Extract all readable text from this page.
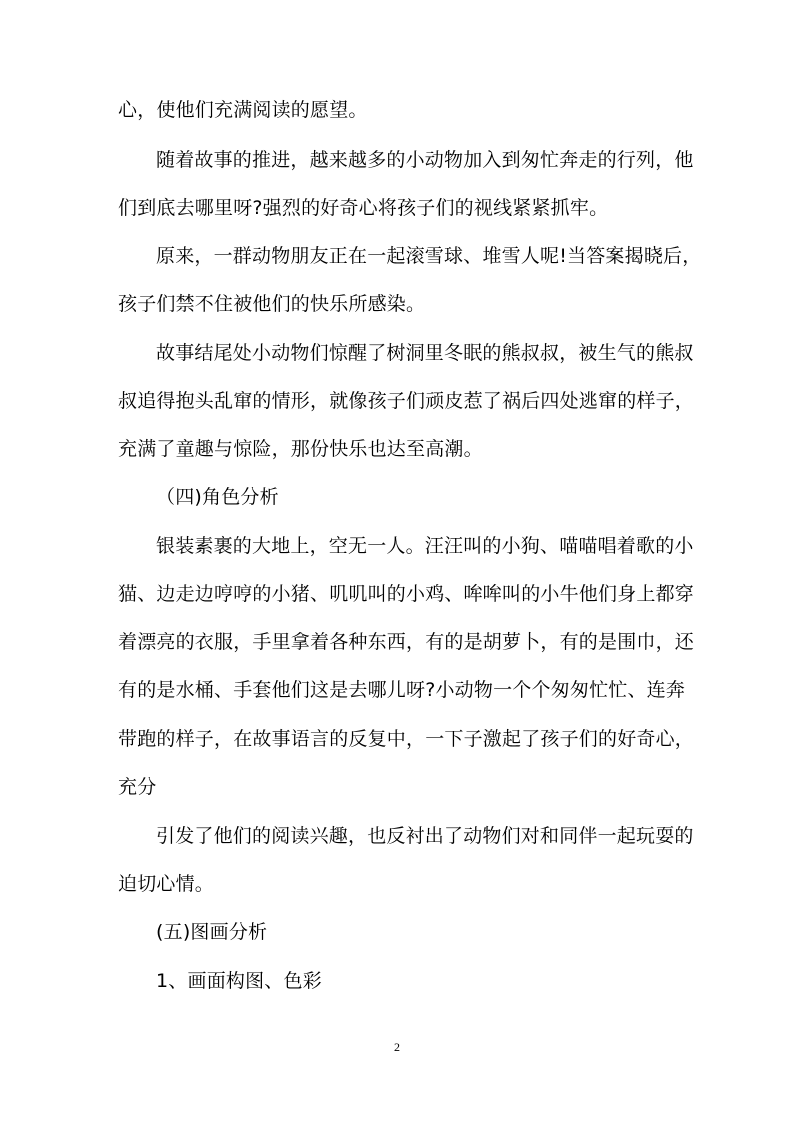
心，使他们充满阅读的愿望。
随着故事的推进，越来越多的小动物加入到匆忙奔走的行列，他
们到底去哪里呀?强烈的好奇心将孩子们的视线紧紧抓牢。
原来，一群动物朋友正在一起滚雪球、堆雪人呢!当答案揭晓后，
孩子们禁不住被他们的快乐所感染。
故事结尾处小动物们惊醒了树洞里冬眠的熊叔叔，被生气的熊叔
叔追得抱头乱窜的情形，就像孩子们顽皮惹了祸后四处逃窜的样子，
充满了童趣与惊险，那份快乐也达至高潮。
（四)角色分析
银装素裹的大地上，空无一人。汪汪叫的小狗、喵喵唱着歌的小
猫、边走边哼哼的小猪、叽叽叫的小鸡、哞哞叫的小牛他们身上都穿
着漂亮的衣服，手里拿着各种东西，有的是胡萝卜，有的是围巾，还
有的是水桶、手套他们这是去哪儿呀?小动物一个个匆匆忙忙、连奔
带跑的样子，在故事语言的反复中，一下子激起了孩子们的好奇心，
充分
引发了他们的阅读兴趣，也反衬出了动物们对和同伴一起玩耍的
迫切心情。
(五)图画分析
1、画面构图、色彩
2
